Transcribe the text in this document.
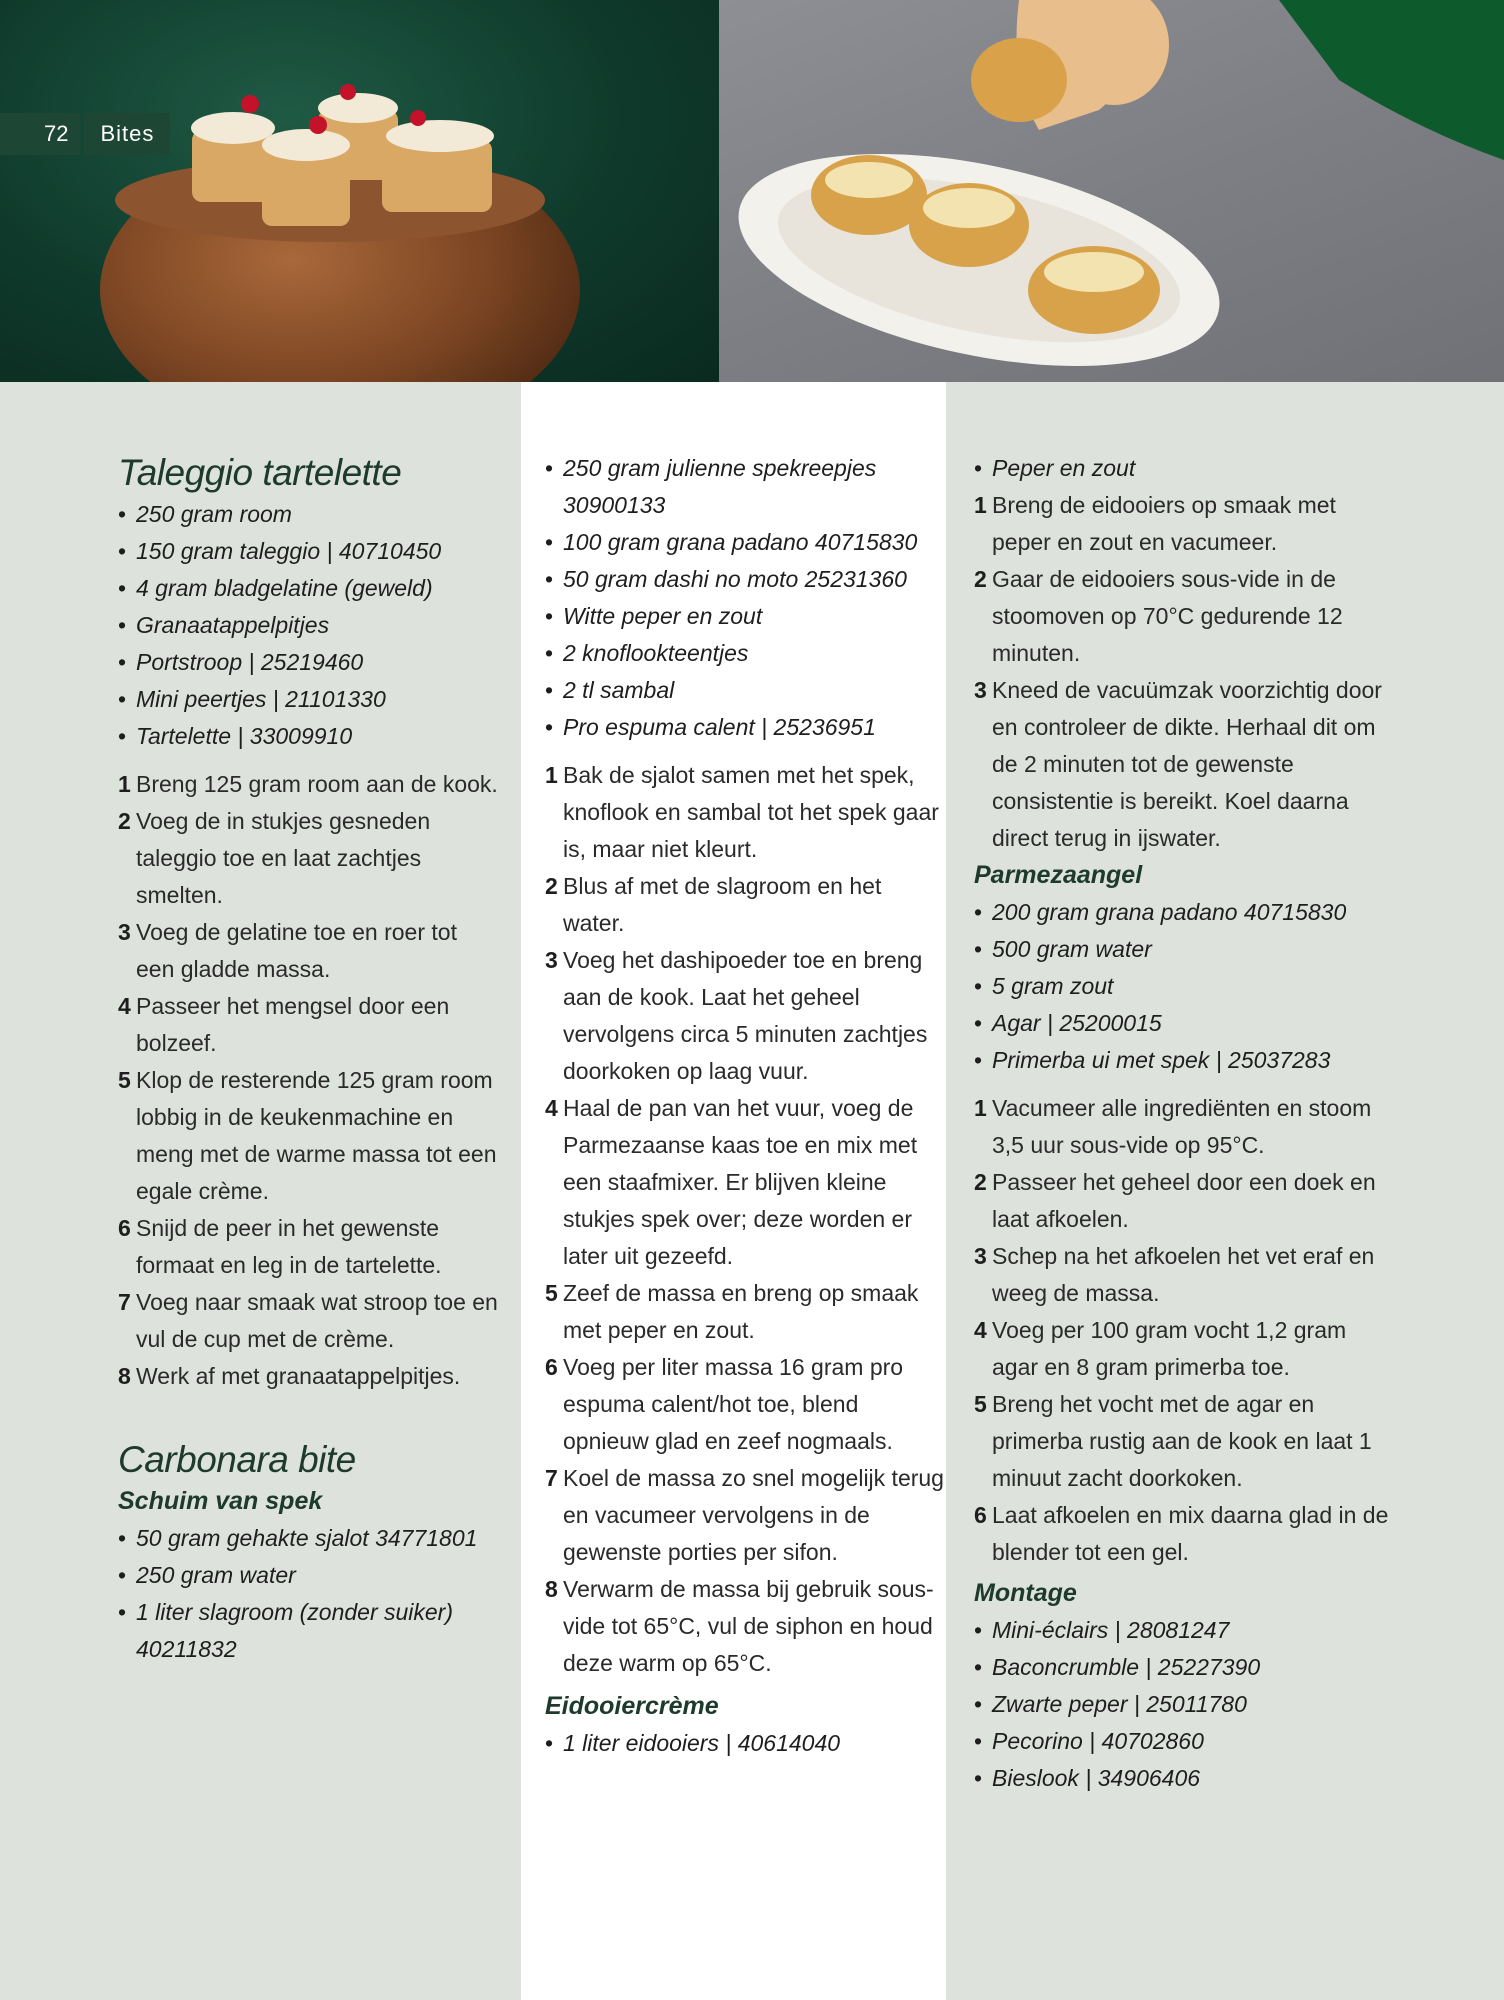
72	Bites
Taleggio tartelette
• 250 gram room
• 150 gram taleggio | 40710450
• 4 gram bladgelatine (geweld)
• Granaatappelpitjes
• Portstroop | 25219460
• Mini peertjes | 21101330
• Tartelette | 33009910
1 Breng 125 gram room aan de kook.
2 Voeg de in stukjes gesneden taleggio toe en laat zachtjes smelten.
3 Voeg de gelatine toe en roer tot een gladde massa.
4 Passeer het mengsel door een bolzeef.
5 Klop de resterende 125 gram room lobbig in de keukenmachine en meng met de warme massa tot een egale crème.
6 Snijd de peer in het gewenste formaat en leg in de tartelette.
7 Voeg naar smaak wat stroop toe en vul de cup met de crème.
8 Werk af met granaatappelpitjes.
Carbonara bite
Schuim van spek
• 50 gram gehakte sjalot 34771801
• 250 gram water
• 1 liter slagroom (zonder suiker) 40211832
• 250 gram julienne spekreepjes 30900133
• 100 gram grana padano 40715830
• 50 gram dashi no moto 25231360
• Witte peper en zout
• 2 knoflookteentjes
• 2 tl sambal
• Pro espuma calent | 25236951
1 Bak de sjalot samen met het spek, knoflook en sambal tot het spek gaar is, maar niet kleurt.
2 Blus af met de slagroom en het water.
3 Voeg het dashipoeder toe en breng aan de kook. Laat het geheel vervolgens circa 5 minuten zachtjes doorkoken op laag vuur.
4 Haal de pan van het vuur, voeg de Parmezaanse kaas toe en mix met een staafmixer. Er blijven kleine stukjes spek over; deze worden er later uit gezeefd.
5 Zeef de massa en breng op smaak met peper en zout.
6 Voeg per liter massa 16 gram pro espuma calent/hot toe, blend opnieuw glad en zeef nogmaals.
7 Koel de massa zo snel mogelijk terug en vacumeer vervolgens in de gewenste porties per sifon.
8 Verwarm de massa bij gebruik sous-vide tot 65°C, vul de siphon en houd deze warm op 65°C.
Eidooiercrème
• 1 liter eidooiers | 40614040
• Peper en zout
1 Breng de eidooiers op smaak met peper en zout en vacumeer.
2 Gaar de eidooiers sous-vide in de stoomoven op 70°C gedurende 12 minuten.
3 Kneed de vacuümzak voorzichtig door en controleer de dikte. Herhaal dit om de 2 minuten tot de gewenste consistentie is bereikt. Koel daarna direct terug in ijswater.
Parmezaangel
• 200 gram grana padano 40715830
• 500 gram water
• 5 gram zout
• Agar | 25200015
• Primerba ui met spek | 25037283
1 Vacumeer alle ingrediënten en stoom 3,5 uur sous-vide op 95°C.
2 Passeer het geheel door een doek en laat afkoelen.
3 Schep na het afkoelen het vet eraf en weeg de massa.
4 Voeg per 100 gram vocht 1,2 gram agar en 8 gram primerba toe.
5 Breng het vocht met de agar en primerba rustig aan de kook en laat 1 minuut zacht doorkoken.
6 Laat afkoelen en mix daarna glad in de blender tot een gel.
Montage
• Mini-éclairs | 28081247
• Baconcrumble | 25227390
• Zwarte peper | 25011780
• Pecorino | 40702860
• Bieslook | 34906406
